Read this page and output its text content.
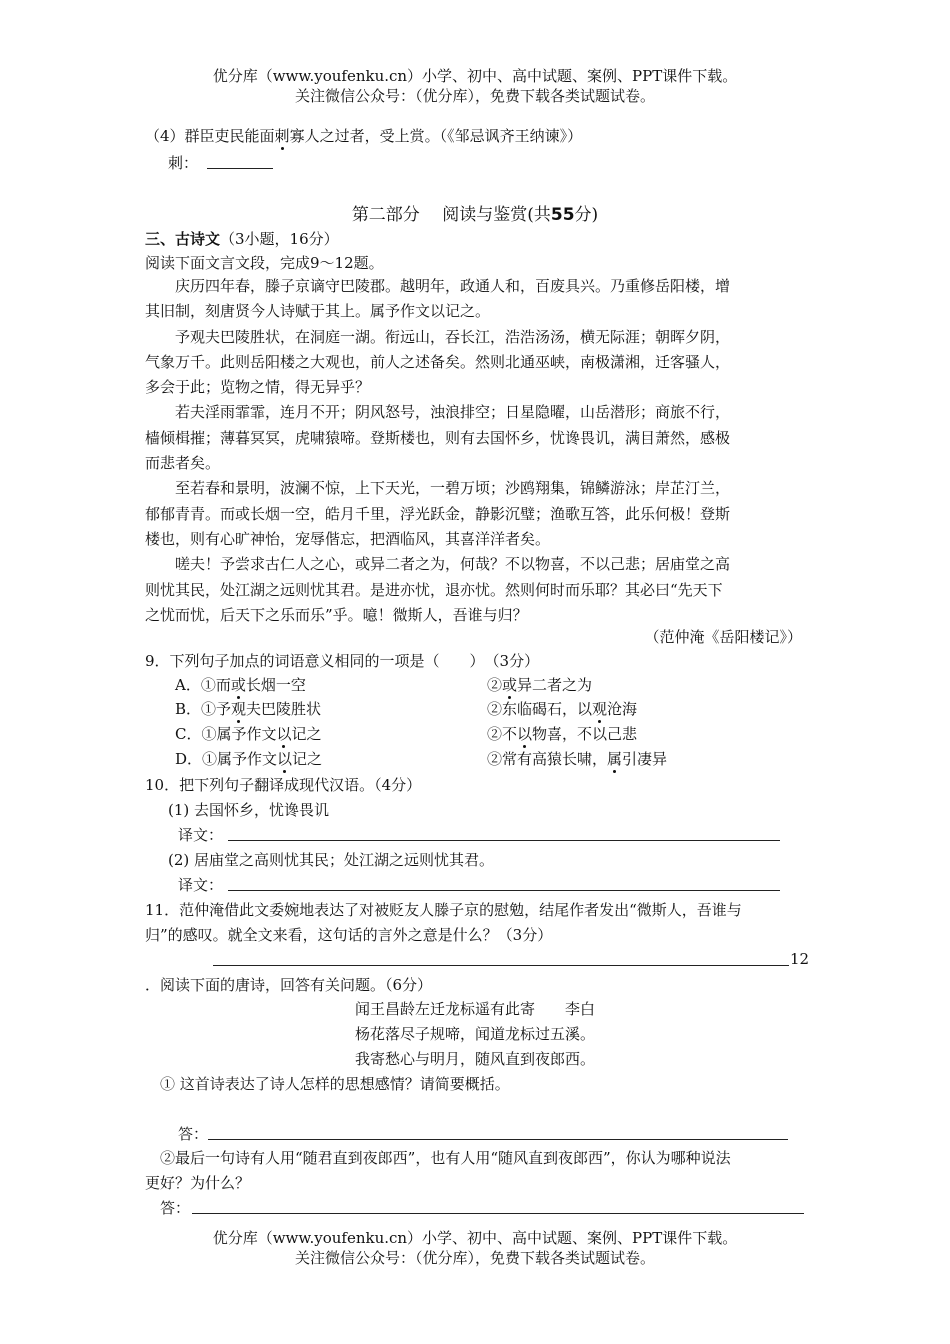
优分库（www.youfenku.cn）小学、初中、高中试题、案例、PPT课件下载。
关注微信公众号：（优分库），免费下载各类试题试卷。
（4）群臣吏民能面刺寡人之过者，受上赏。（《邹忌讽齐王纳谏》）
刺：
第二部分　 阅读与鉴赏(共55分)
三、古诗文（3小题，16分）
阅读下面文言文段，完成9～12题。
庆历四年春，滕子京谪守巴陵郡。越明年，政通人和，百废具兴。乃重修岳阳楼，增
其旧制，刻唐贤今人诗赋于其上。属予作文以记之。
予观夫巴陵胜状，在洞庭一湖。衔远山，吞长江，浩浩汤汤，横无际涯；朝晖夕阴，
气象万千。此则岳阳楼之大观也，前人之述备矣。然则北通巫峡，南极潇湘，迁客骚人，
多会于此；览物之情，得无异乎？
若夫淫雨霏霏，连月不开；阴风怒号，浊浪排空；日星隐曜，山岳潜形；商旅不行，
樯倾楫摧；薄暮冥冥，虎啸猿啼。登斯楼也，则有去国怀乡，忧谗畏讥，满目萧然，感极
而悲者矣。
至若春和景明，波澜不惊，上下天光，一碧万顷；沙鸥翔集，锦鳞游泳；岸芷汀兰，
郁郁青青。而或长烟一空，皓月千里，浮光跃金，静影沉璧；渔歌互答，此乐何极！登斯
楼也，则有心旷神怡，宠辱偕忘，把酒临风，其喜洋洋者矣。
嗟夫！予尝求古仁人之心，或异二者之为，何哉？不以物喜，不以己悲；居庙堂之高
则忧其民，处江湖之远则忧其君。是进亦忧，退亦忧。然则何时而乐耶？其必曰“先天下
之忧而忧，后天下之乐而乐”乎。噫！微斯人，吾谁与归？
（范仲淹《岳阳楼记》）
9．下列句子加点的词语意义相同的一项是（　　）　（3分）
A．①而或长烟一空	②或异二者之为
B．①予观夫巴陵胜状	②东临碣石，以观沧海
C．①属予作文以记之	②不以物喜，不以己悲
D．①属予作文以记之	②常有高猿长啸，属引凄异
10．把下列句子翻译成现代汉语。（4分）
(1) 去国怀乡，忧谗畏讥
译文：
(2) 居庙堂之高则忧其民；处江湖之远则忧其君。
译文：
11．范仲淹借此文委婉地表达了对被贬友人滕子京的慰勉，结尾作者发出“微斯人，吾谁与
归”的感叹。就全文来看，这句话的言外之意是什么？（3分）
12
．阅读下面的唐诗，回答有关问题。（6分）
闻王昌龄左迁龙标遥有此寄　　李白
杨花落尽子规啼，闻道龙标过五溪。
我寄愁心与明月，随风直到夜郎西。
① 这首诗表达了诗人怎样的思想感情？请简要概括。
答：
②最后一句诗有人用“随君直到夜郎西”，也有人用“随风直到夜郎西”，你认为哪种说法
更好？为什么？
答：
优分库（www.youfenku.cn）小学、初中、高中试题、案例、PPT课件下载。
关注微信公众号：（优分库），免费下载各类试题试卷。
